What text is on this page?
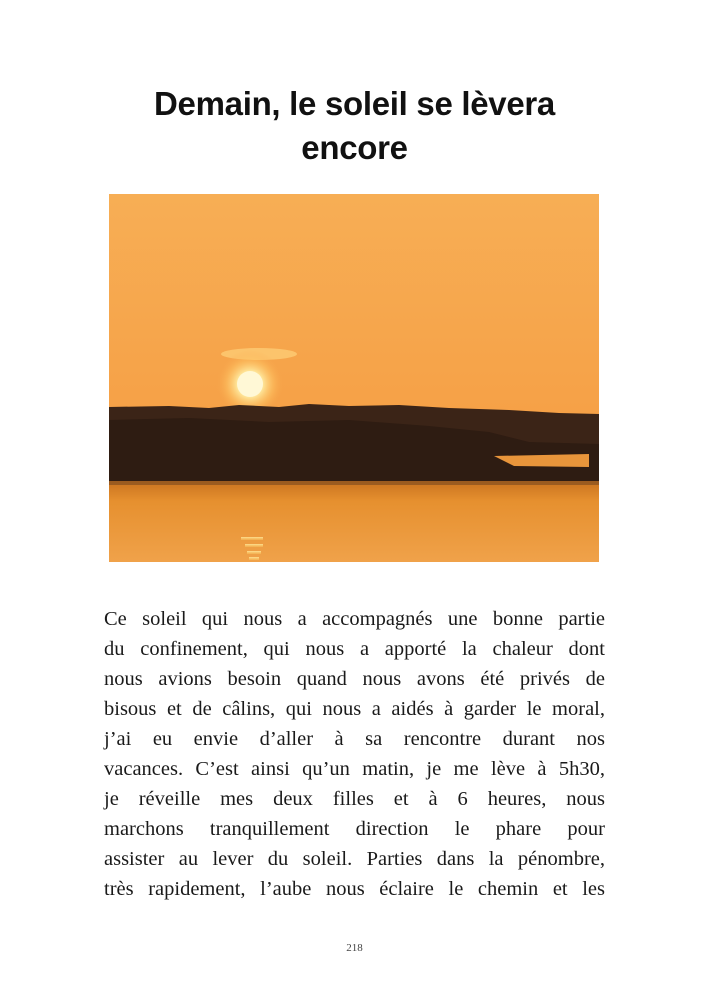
Demain, le soleil se lèvera
encore
Ce soleil qui nous a accompagnés une bonne partie
du confinement, qui nous a apporté la chaleur dont
nous avions besoin quand nous avons été privés de
bisous et de câlins, qui nous a aidés à garder le moral,
j’ai eu envie d’aller à sa rencontre durant nos
vacances. C’est ainsi qu’un matin, je me lève à 5h30,
je réveille mes deux filles et à 6 heures, nous
marchons tranquillement direction le phare pour
assister au lever du soleil. Parties dans la pénombre,
très rapidement, l’aube nous éclaire le chemin et les
218
